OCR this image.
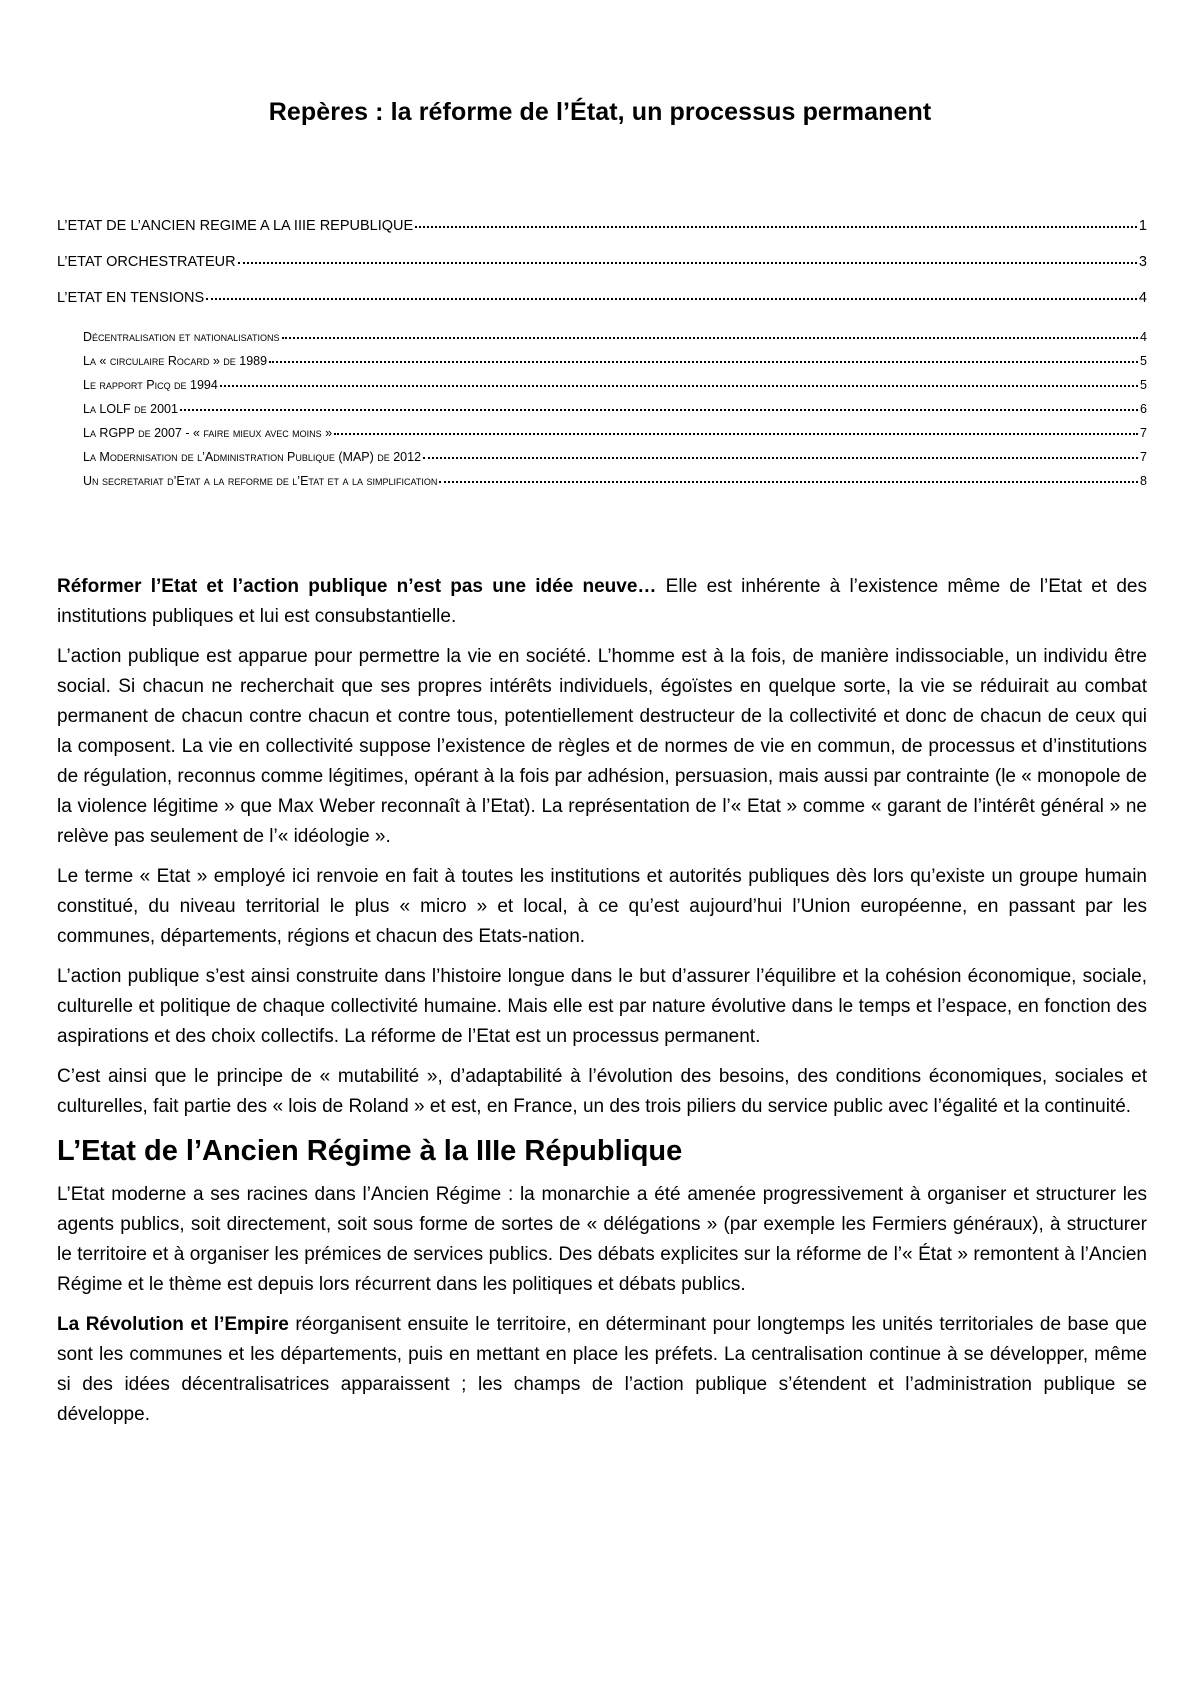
Repères : la réforme de l’État, un processus permanent
L’ETAT DE L’ANCIEN REGIME A LA IIIE REPUBLIQUE	1
L’ETAT ORCHESTRATEUR	3
L’ETAT EN TENSIONS	4
Décentralisation et nationalisations	4
La « circulaire Rocard » de 1989	5
Le rapport Picq de 1994	5
La LOLF de 2001	6
La RGPP de 2007 - « faire mieux avec moins »	7
La Modernisation de l’Administration Publique (MAP) de 2012	7
Un secretariat d’Etat a la reforme de l’Etat et a la simplification	8

Réformer l’Etat et l’action publique n’est pas une idée neuve… Elle est inhérente à l’existence même de l’Etat et des institutions publiques et lui est consubstantielle.

L’action publique est apparue pour permettre la vie en société. L’homme est à la fois, de manière indissociable, un individu être social. Si chacun ne recherchait que ses propres intérêts individuels, égoïstes en quelque sorte, la vie se réduirait au combat permanent de chacun contre chacun et contre tous, potentiellement destructeur de la collectivité et donc de chacun de ceux qui la composent. La vie en collectivité suppose l’existence de règles et de normes de vie en commun, de processus et d’institutions de régulation, reconnus comme légitimes, opérant à la fois par adhésion, persuasion, mais aussi par contrainte (le « monopole de la violence légitime » que Max Weber reconnaît à l’Etat). La représentation de l’« Etat » comme « garant de l’intérêt général » ne relève pas seulement de l’« idéologie ».

Le terme « Etat » employé ici renvoie en fait à toutes les institutions et autorités publiques dès lors qu’existe un groupe humain constitué, du niveau territorial le plus « micro » et local, à ce qu’est aujourd’hui l’Union européenne, en passant par les communes, départements, régions et chacun des Etats-nation.

L’action publique s’est ainsi construite dans l’histoire longue dans le but d’assurer l’équilibre et la cohésion économique, sociale, culturelle et politique de chaque collectivité humaine. Mais elle est par nature évolutive dans le temps et l’espace, en fonction des aspirations et des choix collectifs. La réforme de l’Etat est un processus permanent.

C’est ainsi que le principe de « mutabilité », d’adaptabilité à l’évolution des besoins, des conditions économiques, sociales et culturelles, fait partie des « lois de Roland » et est, en France, un des trois piliers du service public avec l’égalité et la continuité.

L’Etat de l’Ancien Régime à la IIIe République

L’Etat moderne a ses racines dans l’Ancien Régime : la monarchie a été amenée progressivement à organiser et structurer les agents publics, soit directement, soit sous forme de sortes de « délégations » (par exemple les Fermiers généraux), à structurer le territoire et à organiser les prémices de services publics. Des débats explicites sur la réforme de l’« État » remontent à l’Ancien Régime et le thème est depuis lors récurrent dans les politiques et débats publics.

La Révolution et l’Empire réorganisent ensuite le territoire, en déterminant pour longtemps les unités territoriales de base que sont les communes et les départements, puis en mettant en place les préfets. La centralisation continue à se développer, même si des idées décentralisatrices apparaissent ; les champs de l’action publique s’étendent et l’administration publique se développe.
